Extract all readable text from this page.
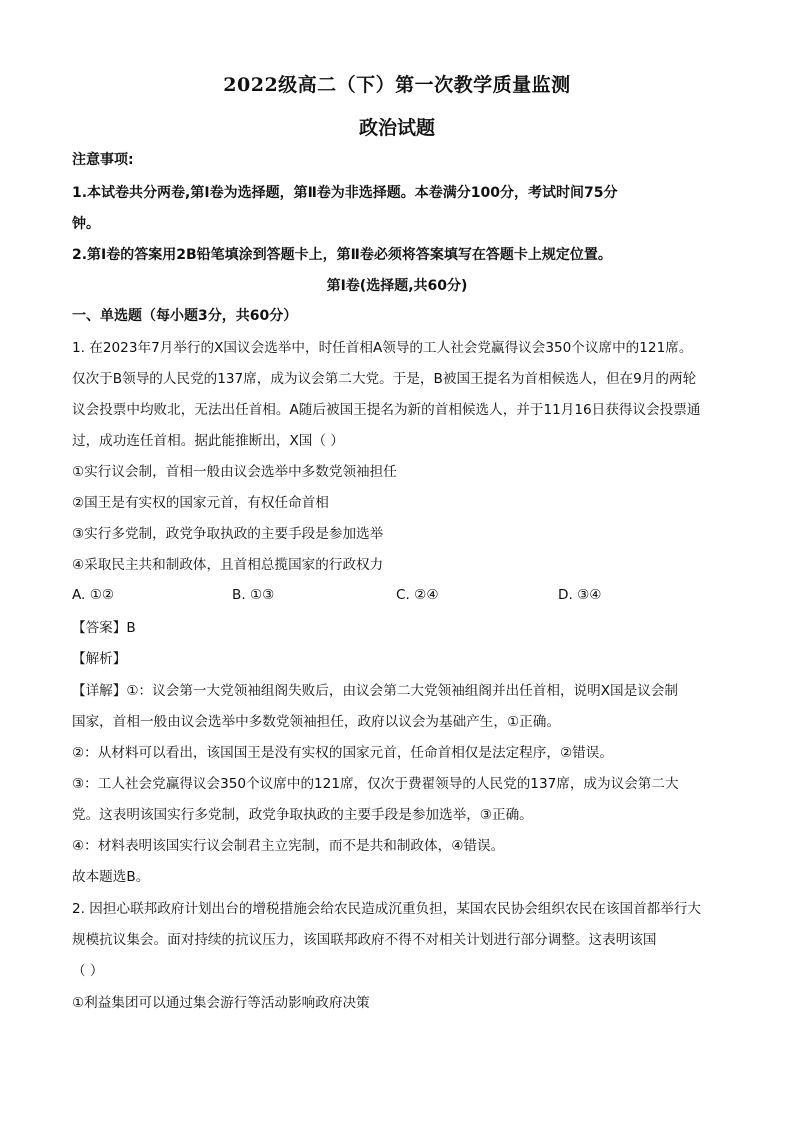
2022级高二（下）第一次教学质量监测
政治试题
注意事项:
1.本试卷共分两卷,第Ⅰ卷为选择题，第Ⅱ卷为非选择题。本卷满分100分，考试时间75分
钟。
2.第Ⅰ卷的答案用2B铅笔填涂到答题卡上，第Ⅱ卷必须将答案填写在答题卡上规定位置。
第Ⅰ卷(选择题,共60分)
一、单选题（每小题3分，共60分）
1. 在2023年7月举行的X国议会选举中，时任首相A领导的工人社会党赢得议会350个议席中的121席。
仅次于B领导的人民党的137席，成为议会第二大党。于是，B被国王提名为首相候选人，但在9月的两轮
议会投票中均败北，无法出任首相。A随后被国王提名为新的首相候选人，并于11月16日获得议会投票通
过，成功连任首相。据此能推断出，X国（ ）
①实行议会制，首相一般由议会选举中多数党领袖担任
②国王是有实权的国家元首，有权任命首相
③实行多党制，政党争取执政的主要手段是参加选举
④采取民主共和制政体，且首相总揽国家的行政权力
A. ①②	B. ①③	C. ②④	D. ③④
【答案】B
【解析】
【详解】①：议会第一大党领袖组阁失败后，由议会第二大党领袖组阁并出任首相，说明X国是议会制
国家，首相一般由议会选举中多数党领袖担任，政府以议会为基础产生，①正确。
②：从材料可以看出，该国国王是没有实权的国家元首，任命首相仅是法定程序，②错误。
③：工人社会党赢得议会350个议席中的121席，仅次于费翟领导的人民党的137席，成为议会第二大
党。这表明该国实行多党制，政党争取执政的主要手段是参加选举，③正确。
④：材料表明该国实行议会制君主立宪制，而不是共和制政体，④错误。
故本题选B。
2. 因担心联邦政府计划出台的增税措施会给农民造成沉重负担，某国农民协会组织农民在该国首都举行大
规模抗议集会。面对持续的抗议压力，该国联邦政府不得不对相关计划进行部分调整。这表明该国
（ ）
①利益集团可以通过集会游行等活动影响政府决策
